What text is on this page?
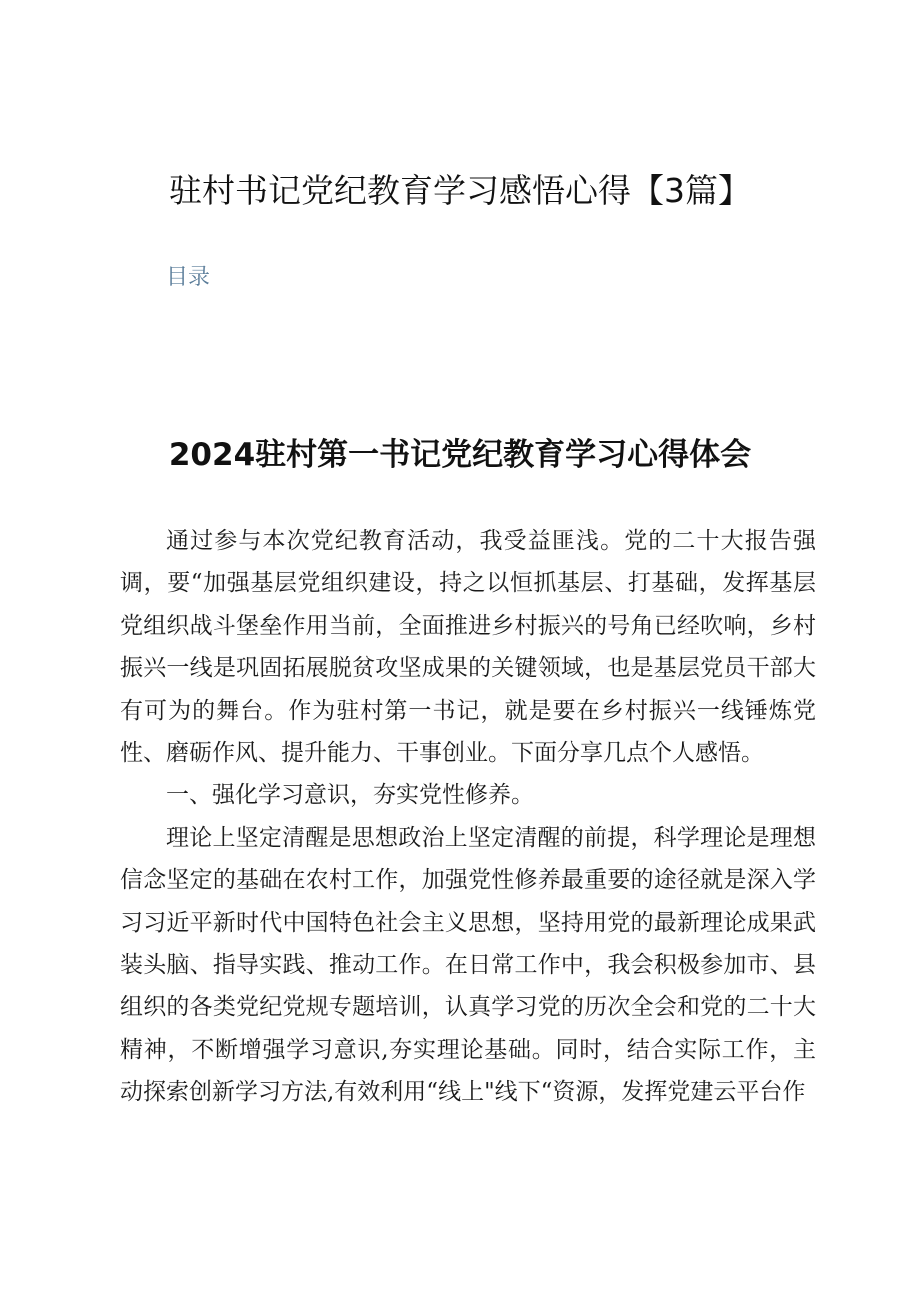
驻村书记党纪教育学习感悟心得【3篇】
目录
2024驻村第一书记党纪教育学习心得体会

通过参与本次党纪教育活动，我受益匪浅。党的二十大报告强调，要“加强基层党组织建设，持之以恒抓基层、打基础，发挥基层党组织战斗堡垒作用当前，全面推进乡村振兴的号角已经吹响，乡村振兴一线是巩固拓展脱贫攻坚成果的关键领域，也是基层党员干部大有可为的舞台。作为驻村第一书记，就是要在乡村振兴一线锤炼党性、磨砺作风、提升能力、干事创业。下面分享几点个人感悟。

一、强化学习意识，夯实党性修养。

理论上坚定清醒是思想政治上坚定清醒的前提，科学理论是理想信念坚定的基础在农村工作，加强党性修养最重要的途径就是深入学习习近平新时代中国特色社会主义思想，坚持用党的最新理论成果武装头脑、指导实践、推动工作。在日常工作中，我会积极参加市、县组织的各类党纪党规专题培训，认真学习党的历次全会和党的二十大精神，不断增强学习意识,夯实理论基础。同时，结合实际工作，主动探索创新学习方法,有效利用“线上"线下“资源，发挥党建云平台作
